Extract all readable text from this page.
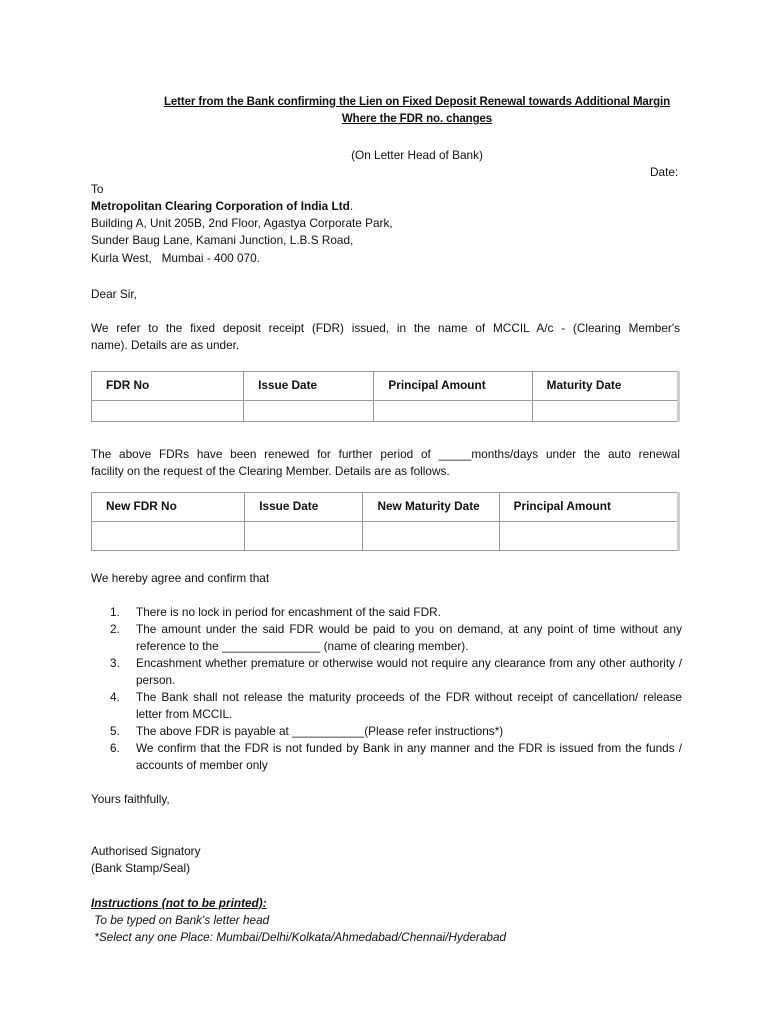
Letter from the Bank confirming the Lien on Fixed Deposit Renewal towards Additional Margin
Where the FDR no. changes
(On Letter Head of Bank)
Date:
To
Metropolitan Clearing Corporation of India Ltd.
Building A, Unit 205B, 2nd Floor, Agastya Corporate Park,
Sunder Baug Lane, Kamani Junction, L.B.S Road,
Kurla West,   Mumbai - 400 070.
Dear Sir,
We refer to the fixed deposit receipt (FDR) issued, in the name of MCCIL A/c - (Clearing Member's
name). Details are as under.
FDR No	Issue Date	Principal Amount	Maturity Date

The above FDRs have been renewed for further period of _____months/days under the auto renewal
facility on the request of the Clearing Member. Details are as follows.
New FDR No	Issue Date	New Maturity Date	Principal Amount

We hereby agree and confirm that
1. There is no lock in period for encashment of the said FDR.
2. The amount under the said FDR would be paid to you on demand, at any point of time without any reference to the _______________ (name of clearing member).
3. Encashment whether premature or otherwise would not require any clearance from any other authority / person.
4. The Bank shall not release the maturity proceeds of the FDR without receipt of cancellation/ release letter from MCCIL.
5. The above FDR is payable at ___________(Please refer instructions*)
6. We confirm that the FDR is not funded by Bank in any manner and the FDR is issued from the funds / accounts of member only
Yours faithfully,
Authorised Signatory
(Bank Stamp/Seal)
Instructions (not to be printed):
To be typed on Bank's letter head
*Select any one Place: Mumbai/Delhi/Kolkata/Ahmedabad/Chennai/Hyderabad
